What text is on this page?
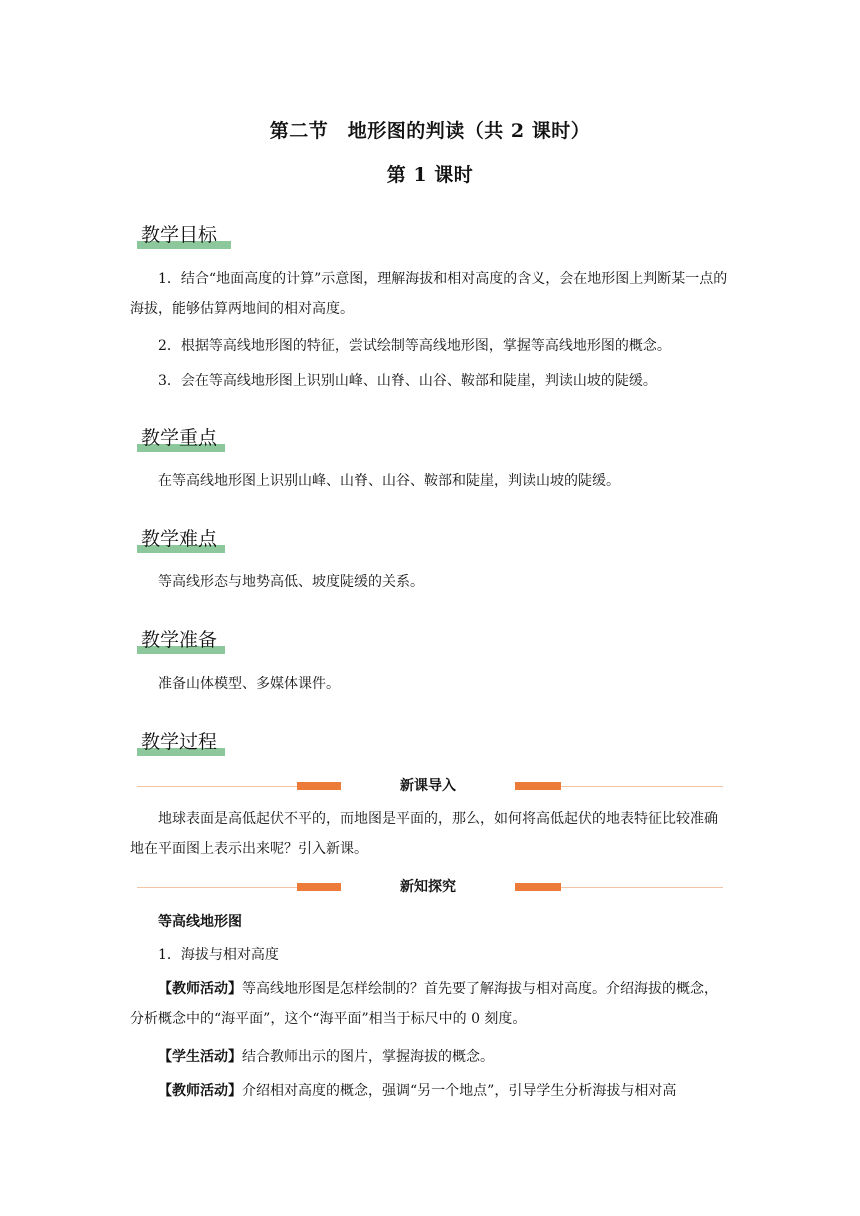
第二节　地形图的判读（共 2 课时）
第 1 课时
教学目标
1．结合“地面高度的计算”示意图，理解海拔和相对高度的含义，会在地形图上判断某一点的海拔，能够估算两地间的相对高度。
2．根据等高线地形图的特征，尝试绘制等高线地形图，掌握等高线地形图的概念。
3．会在等高线地形图上识别山峰、山脊、山谷、鞍部和陡崖，判读山坡的陡缓。
教学重点
在等高线地形图上识别山峰、山脊、山谷、鞍部和陡崖，判读山坡的陡缓。
教学难点
等高线形态与地势高低、坡度陡缓的关系。
教学准备
准备山体模型、多媒体课件。
教学过程
新课导入
地球表面是高低起伏不平的，而地图是平面的，那么，如何将高低起伏的地表特征比较准确地在平面图上表示出来呢？引入新课。
新知探究
等高线地形图
1．海拔与相对高度
【教师活动】等高线地形图是怎样绘制的？首先要了解海拔与相对高度。介绍海拔的概念，分析概念中的“海平面”，这个“海平面”相当于标尺中的 0 刻度。
【学生活动】结合教师出示的图片，掌握海拔的概念。
【教师活动】介绍相对高度的概念，强调“另一个地点”，引导学生分析海拔与相对高
